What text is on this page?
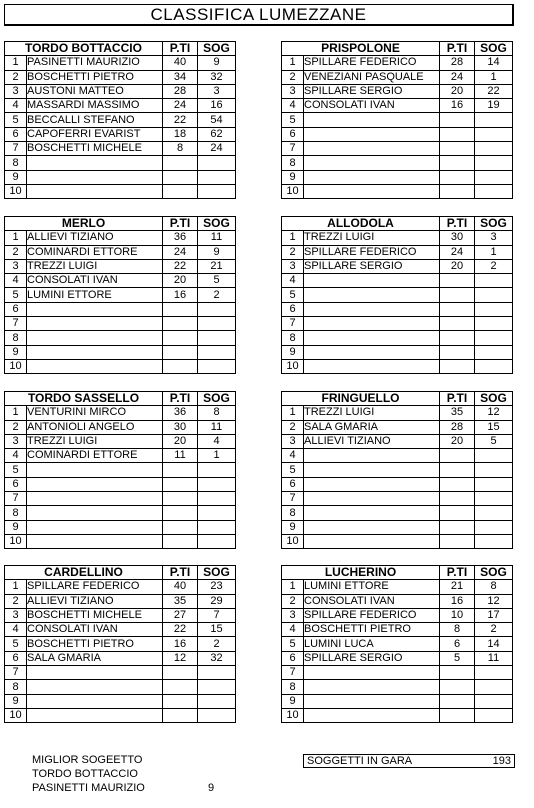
CLASSIFICA LUMEZZANE
TORDO BOTTACCIO		P.TI	SOG
1	PASINETTI MAURIZIO	40	9
2	BOSCHETTI PIETRO	34	32
3	AUSTONI MATTEO	28	3
4	MASSARDI MASSIMO	24	16
5	BECCALLI STEFANO	22	54
6	CAPOFERRI EVARIST	18	62
7	BOSCHETTI MICHELE	8	24
8			
9			
10			
PRISPOLONE		P.TI	SOG
1	SPILLARE FEDERICO	28	14
2	VENEZIANI PASQUALE	24	1
3	SPILLARE SERGIO	20	22
4	CONSOLATI IVAN	16	19
5			
6			
7			
8			
9			
10			
MERLO		P.TI	SOG
1	ALLIEVI TIZIANO	36	11
2	COMINARDI ETTORE	24	9
3	TREZZI LUIGI	22	21
4	CONSOLATI IVAN	20	5
5	LUMINI ETTORE	16	2
6			
7			
8			
9			
10			
ALLODOLA		P.TI	SOG
1	TREZZI LUIGI	30	3
2	SPILLARE FEDERICO	24	1
3	SPILLARE SERGIO	20	2
4			
5			
6			
7			
8			
9			
10			
TORDO SASSELLO		P.TI	SOG
1	VENTURINI MIRCO	36	8
2	ANTONIOLI ANGELO	30	11
3	TREZZI LUIGI	20	4
4	COMINARDI ETTORE	11	1
5			
6			
7			
8			
9			
10			
FRINGUELLO		P.TI	SOG
1	TREZZI LUIGI	35	12
2	SALA GMARIA	28	15
3	ALLIEVI TIZIANO	20	5
4			
5			
6			
7			
8			
9			
10			
CARDELLINO		P.TI	SOG
1	SPILLARE FEDERICO	40	23
2	ALLIEVI TIZIANO	35	29
3	BOSCHETTI MICHELE	27	7
4	CONSOLATI IVAN	22	15
5	BOSCHETTI PIETRO	16	2
6	SALA GMARIA	12	32
7			
8			
9			
10			
LUCHERINO		P.TI	SOG
1	LUMINI ETTORE	21	8
2	CONSOLATI IVAN	16	12
3	SPILLARE FEDERICO	10	17
4	BOSCHETTI PIETRO	8	2
5	LUMINI LUCA	6	14
6	SPILLARE SERGIO	5	11
7			
8			
9			
10			
MIGLIOR SOGEETTO
TORDO BOTTACCIO
PASINETTI MAURIZIO	9
SOGGETTI IN GARA	193
